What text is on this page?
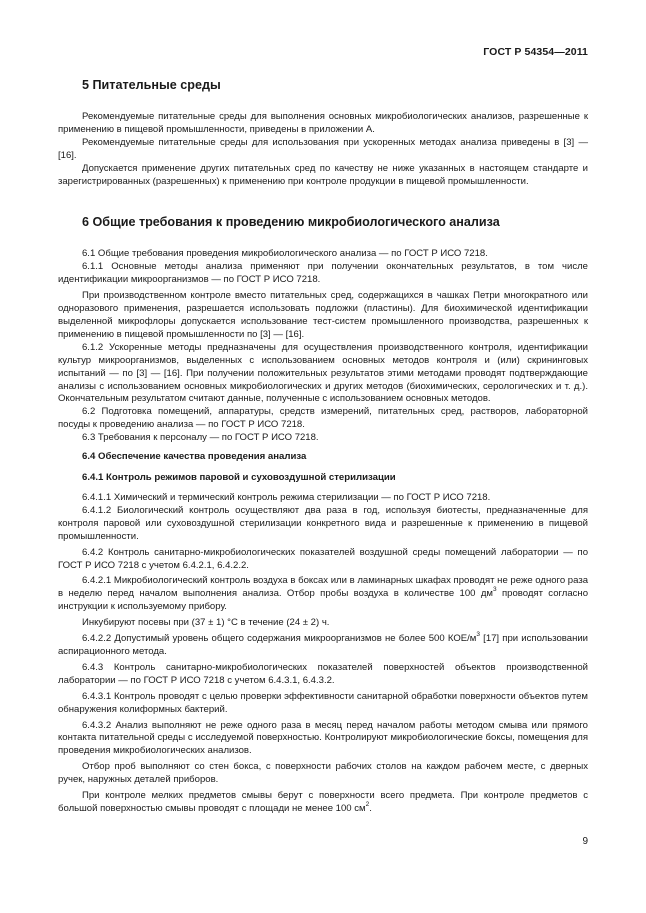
ГОСТ Р 54354—2011
5 Питательные среды

Рекомендуемые питательные среды для выполнения основных микробиологических анализов, разрешенные к применению в пищевой промышленности, приведены в приложении А.

Рекомендуемые питательные среды для использования при ускоренных методах анализа приведены в [3] — [16].

Допускается применение других питательных сред по качеству не ниже указанных в настоящем стандарте и зарегистрированных (разрешенных) к применению при контроле продукции в пищевой промышленности.

6 Общие требования к проведению микробиологического анализа

6.1 Общие требования проведения микробиологического анализа — по ГОСТ Р ИСО 7218.

6.1.1 Основные методы анализа применяют при получении окончательных результатов, в том числе идентификации микроорганизмов — по ГОСТ Р ИСО 7218.

При производственном контроле вместо питательных сред, содержащихся в чашках Петри многократного или одноразового применения, разрешается использовать подложки (пластины). Для биохимической идентификации выделенной микрофлоры допускается использование тест-систем промышленного производства, разрешенных к применению в пищевой промышленности по [3] — [16].

6.1.2 Ускоренные методы предназначены для осуществления производственного контроля, идентификации культур микроорганизмов, выделенных с использованием основных методов контроля и (или) скрининговых испытаний — по [3] — [16]. При получении положительных результатов этими методами проводят подтверждающие анализы с использованием основных микробиологических и других методов (биохимических, серологических и т. д.). Окончательным результатом считают данные, полученные с использованием основных методов.

6.2 Подготовка помещений, аппаратуры, средств измерений, питательных сред, растворов, лабораторной посуды к проведению анализа — по ГОСТ Р ИСО 7218.

6.3 Требования к персоналу — по ГОСТ Р ИСО 7218.

6.4 Обеспечение качества проведения анализа
6.4.1 Контроль режимов паровой и суховоздушной стерилизации

6.4.1.1 Химический и термический контроль режима стерилизации — по ГОСТ Р ИСО 7218.

6.4.1.2 Биологический контроль осуществляют два раза в год, используя биотесты, предназначенные для контроля паровой или суховоздушной стерилизации конкретного вида и разрешенные к применению в пищевой промышленности.

6.4.2 Контроль санитарно-микробиологических показателей воздушной среды помещений лаборатории — по ГОСТ Р ИСО 7218 с учетом 6.4.2.1, 6.4.2.2.

6.4.2.1 Микробиологический контроль воздуха в боксах или в ламинарных шкафах проводят не реже одного раза в неделю перед началом выполнения анализа. Отбор пробы воздуха в количестве 100 $дм^3$ проводят согласно инструкции к используемому прибору.

Инкубируют посевы при (37 ± 1) °С в течение (24 ± 2) ч.

6.4.2.2 Допустимый уровень общего содержания микроорганизмов не более 500 КОЕ/$м^3$ [17] при использовании аспирационного метода.

6.4.3 Контроль санитарно-микробиологических показателей поверхностей объектов производственной лаборатории — по ГОСТ Р ИСО 7218 с учетом 6.4.3.1, 6.4.3.2.

6.4.3.1 Контроль проводят с целью проверки эффективности санитарной обработки поверхности объектов путем обнаружения колиформных бактерий.

6.4.3.2 Анализ выполняют не реже одного раза в месяц перед началом работы методом смыва или прямого контакта питательной среды с исследуемой поверхностью. Контролируют микробиологические боксы, помещения для проведения микробиологических анализов.

Отбор проб выполняют со стен бокса, с поверхности рабочих столов на каждом рабочем месте, с дверных ручек, наружных деталей приборов.

При контроле мелких предметов смывы берут с поверхности всего предмета. При контроле предметов с большой поверхностью смывы проводят с площади не менее 100 $см^2$.

9
